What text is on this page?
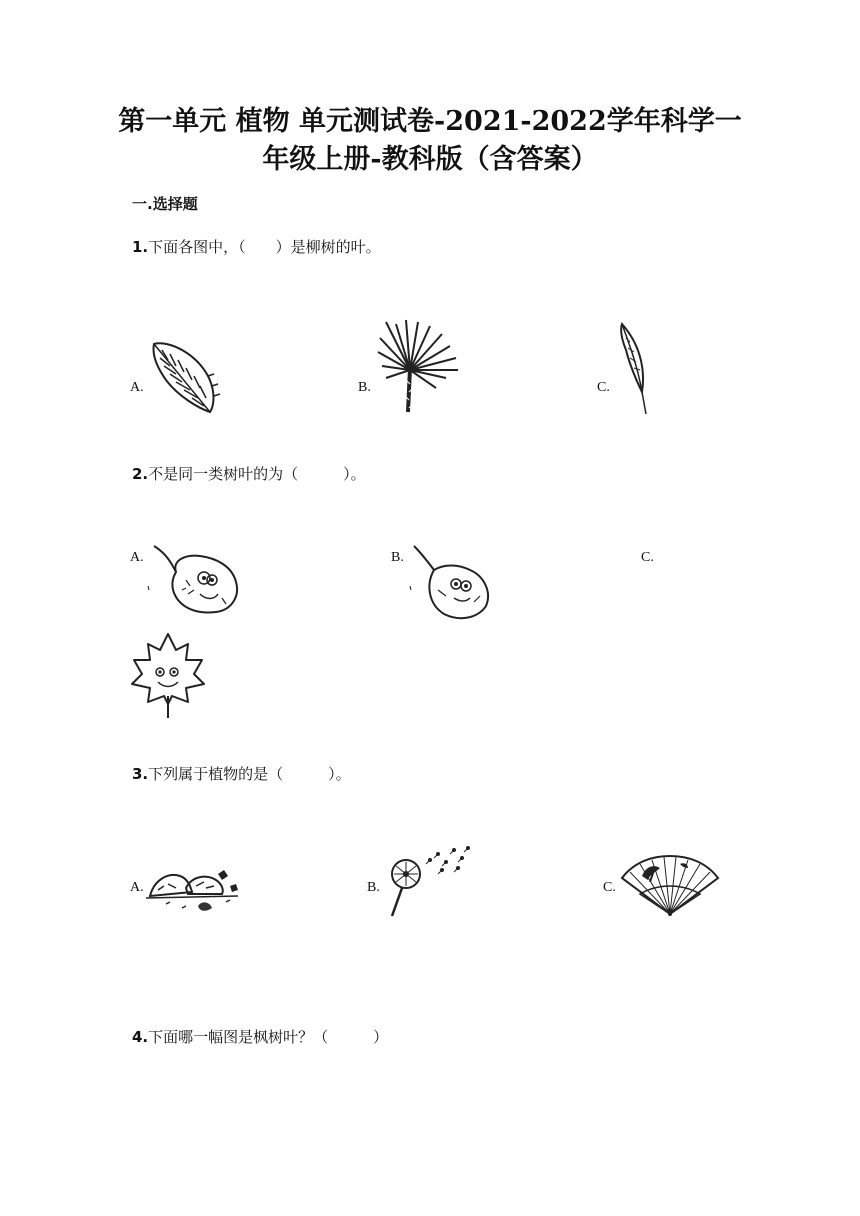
第一单元 植物 单元测试卷-2021-2022学年科学一
年级上册-教科版（含答案）
一.选择题
1.下面各图中，（　　）是柳树的叶。
A.	B.	C.
2.不是同一类树叶的为（　　　）。
A.	B.	C.
3.下列属于植物的是（　　　）。
A.	B.	C.
4.下面哪一幅图是枫树叶？（　　　）
